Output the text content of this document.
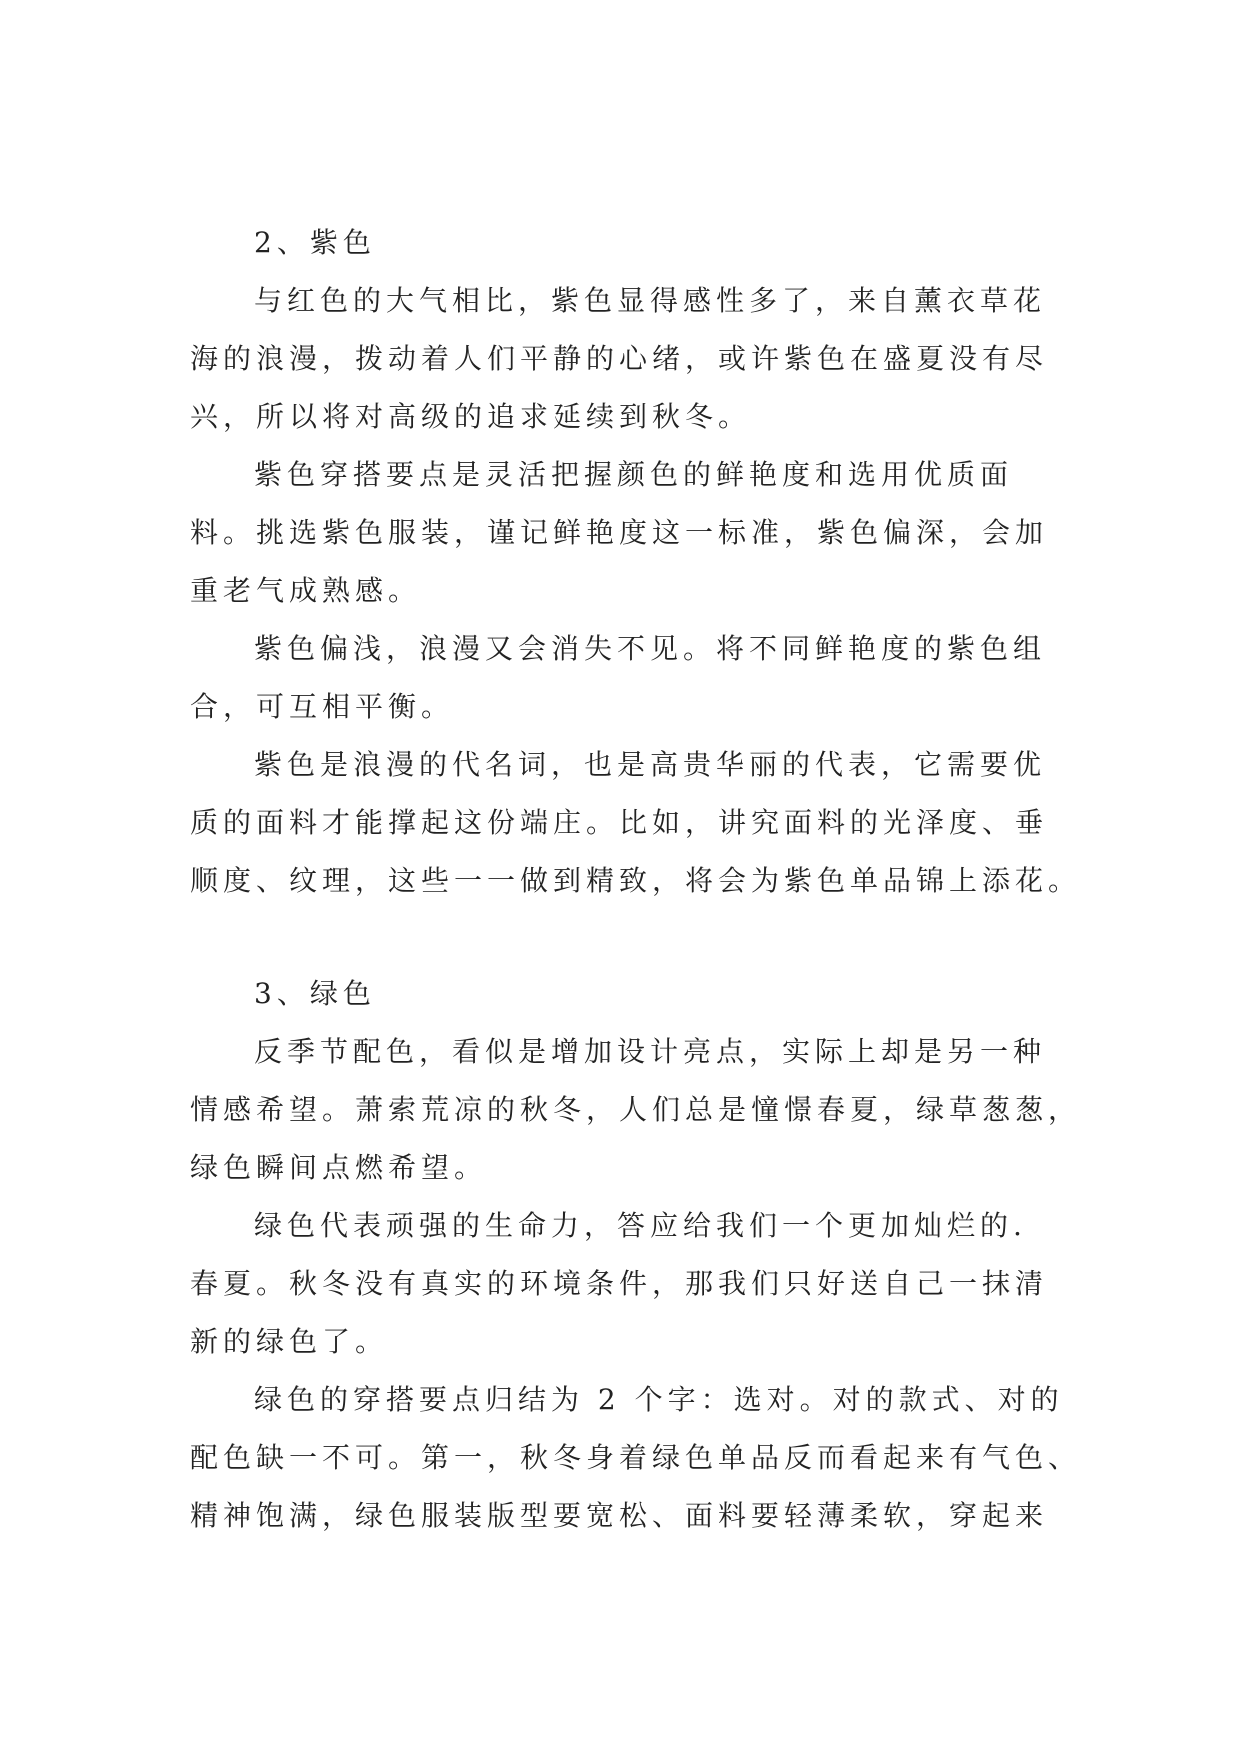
2、紫色
与红色的大气相比，紫色显得感性多了，来自薰衣草花
海的浪漫，拨动着人们平静的心绪，或许紫色在盛夏没有尽
兴，所以将对高级的追求延续到秋冬。
紫色穿搭要点是灵活把握颜色的鲜艳度和选用优质面
料。挑选紫色服装，谨记鲜艳度这一标准，紫色偏深，会加
重老气成熟感。
紫色偏浅，浪漫又会消失不见。将不同鲜艳度的紫色组
合，可互相平衡。
紫色是浪漫的代名词，也是高贵华丽的代表，它需要优
质的面料才能撑起这份端庄。比如，讲究面料的光泽度、垂
顺度、纹理，这些一一做到精致，将会为紫色单品锦上添花。
3、绿色
反季节配色，看似是增加设计亮点，实际上却是另一种
情感希望。萧索荒凉的秋冬，人们总是憧憬春夏，绿草葱葱，
绿色瞬间点燃希望。
绿色代表顽强的生命力，答应给我们一个更加灿烂的.
春夏。秋冬没有真实的环境条件，那我们只好送自己一抹清
新的绿色了。
绿色的穿搭要点归结为 2 个字：选对。对的款式、对的
配色缺一不可。第一，秋冬身着绿色单品反而看起来有气色、
精神饱满，绿色服装版型要宽松、面料要轻薄柔软，穿起来
